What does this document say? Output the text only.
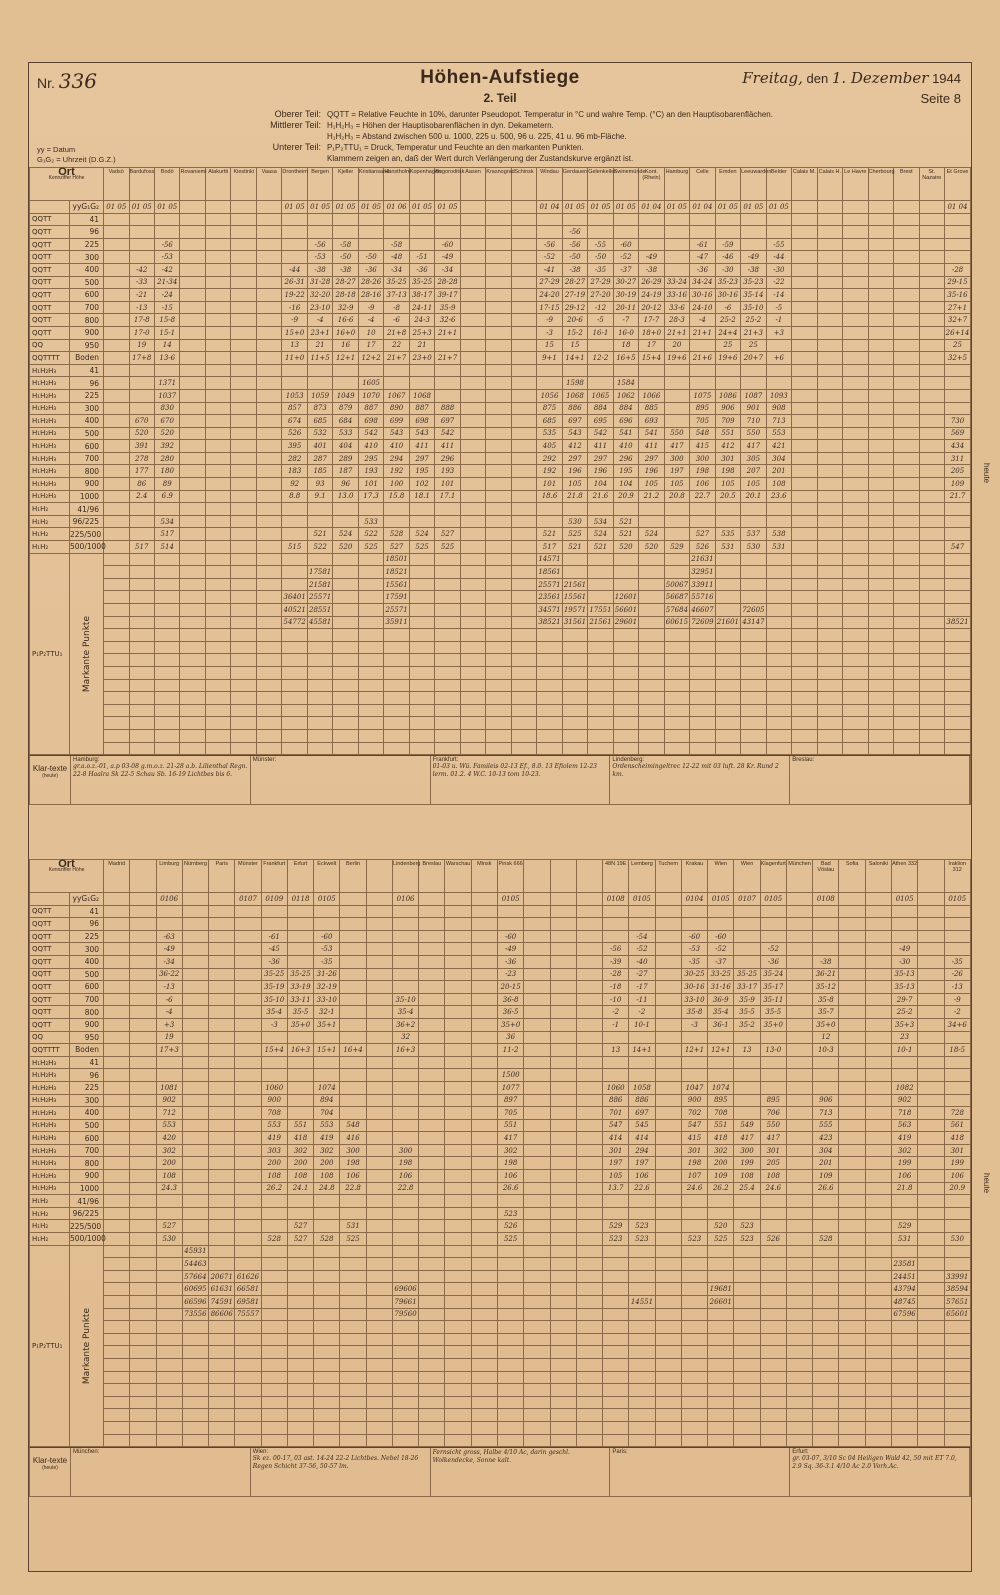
Nr. 336	Höhen-Aufstiege
2. Teil
Freitag, den 1. Dezember 1944
Seite 8
Oberer Teil: QQTT = Relative Feuchte in 10%, darunter Pseudopot. Temperatur in °C und wahre Temp. (°C) an den Hauptisobarenflächen.
Mittlerer Teil: H₁H₂H₃ = Höhen der Hauptisobarenflächen in dyn. Dekametern.
H₁H₂H₃ = Abstand zwischen 500 u. 1000, 225 u. 500, 96 u. 225, 41 u. 96 mb-Fläche.
Unterer Teil: P₁P₂TTU₁ = Druck, Temperatur und Feuchte an den markanten Punkten.
Klammern zeigen an, daß der Wert durch Verlängerung der Zustandskurve ergänzt ist.
yy = Datum
G₁G₂ = Uhrzeit (D.G.Z.)
Ort
Kennziffer Höhe		Vadsö	Bardufoss	Bodö	Rovaniemi	Alakurtti	Kiestinki	Vaasa	Drontheim	Bergen	Kjeller	Kristiansand	Hanstholm	Kopenhagen	Bogoroditsk	Aasen	Krasnograd	Schinsk	Windau	Gerdauen	Gelenkeller	Swinemünde	Kont. (Rhein)	Hamburg	Celle	Emden	Leeuwarden	Belder	Calais M.	Calais H.	Le Havre	Cherbourg	Brest	St. Nazaire	Et Grove
	yyG₁G₂	01 05	01 05	01 05					01 05	01 05	01 05	01 05	01 06	01 05	01 05				01 04	01 05	01 05	01 05	01 04	01 05	01 04	01 05	01 05	01 05							01 04
QQTT	41																																		
QQTT	96																			-56															
QQTT	225			-56						-56	-58		-58		-60				-56	-56	-55	-60			-61	-59		-55							
QQTT	300			-53						-53	-50	-50	-48	-51	-49				-52	-50	-50	-52	-49		-47	-46	-49	-44							
QQTT	400		-42	-42					-44	-38	-38	-36	-34	-36	-34				-41	-38	-35	-37	-38		-36	-30	-38	-30							-28
QQTT	500		-33	21-34					26-31	31-28	28-27	28-26	35-25	35-25	28-28				27-29	28-27	27-29	30-27	26-29	33-24	34-24	35-23	35-23	-22							29-15
QQTT	600		-21	-24					19-22	32-20	28-18	28-16	37-13	38-17	39-17				24-20	27-19	27-20	30-19	24-19	33-16	30-16	30-16	35-14	-14							35-16
QQTT	700		-13	-15					-16	23-10	32-9	-9	-8	24-11	35-9				17-15	29-12	-12	20-11	20-12	33-6	24-10	-6	35-10	-5							27+1
QQTT	800		17-8	15-8					-9	-4	16-6	-4	-6	24-3	32-6				-9	20-6	-5	-7	17-7	28-3	-4	25-2	25-2	-1							32+7
QQTT	900		17-0	15-1					15+0	23+1	16+0	10	21+8	25+3	21+1				-3	15-2	16-1	16-0	18+0	21+1	21+1	24+4	21+3	+3							26+14
QQ	950		19	14					13	21	16	17	22	21					15	15		18	17	20		25	25								25
QQTTTT	Boden		17+8	13-6					11+0	11+5	12+1	12+2	21+7	23+0	21+7				9+1	14+1	12-2	16+5	15+4	19+6	21+6	19+6	20+7	+6							32+5
H₁H₂H₃	41																																		
H₁H₂H₃	96			1371								1605								1598		1584													
H₁H₂H₃	225			1037					1053	1059	1049	1070	1067	1068					1056	1068	1065	1062	1066		1075	1086	1087	1093							
H₁H₂H₃	300			830					857	873	879	887	890	887	888				875	886	884	884	885		895	906	901	908							
H₁H₂H₃	400		670	670					674	685	684	698	699	698	697				685	697	695	696	693		705	709	710	713							730
H₁H₂H₃	500		520	520					526	532	533	542	543	543	542				535	543	542	541	541	550	548	551	550	553							569
H₁H₂H₃	600		391	392					395	401	404	410	410	411	411				405	412	411	410	411	417	415	412	417	421							434
H₁H₂H₃	700		278	280					282	287	289	295	294	297	296				292	297	297	296	297	300	300	301	305	304							311
H₁H₂H₃	800		177	180					183	185	187	193	192	195	193				192	196	196	195	196	197	198	198	207	201							205
H₁H₂H₃	900		86	89					92	93	96	101	100	102	101				101	105	104	104	105	105	106	105	105	108							109
H₁H₂H₃	1000		2.4	6.9					8.8	9.1	13.0	17.3	15.8	18.1	17.1				18.6	21.8	21.6	20.9	21.2	20.8	22.7	20.5	20.1	23.6							21.7
H₁H₂	41/96																																		
H₁H₂	96/225			534								533								530	534	521													
H₁H₂	225/500			517						521	524	522	528	524	527				521	525	524	521	524		527	535	537	538							
H₁H₂	500/1000		517	514					515	522	520	525	527	525	525				517	521	521	520	520	529	526	531	530	531							547
P₁P₂TTU₁	Markante Punkte												18501						14571						21631										
										17581			18521						18561						32951										
										21581			15561						25571	21561				50067	33911										
									36401	25571			17591						23561	15561		12601		56687	55716										
									40521	28551			25571						34571	19571	17551	56601		57684	46607		72605								
									54772	45581			35911						38521	31561	21561	29601		60615	72609	21601	43147								38521

Klar-texte
(heute)
Hamburg:
gr.a.o.z.-01, a.p 03-08 g.m.o.z. 21-28 a.b. Lilienthal Regn. 22-8 Haalra Sk 22-5 Schau Sb. 16-19 Lichtbes bis 6.
Münster:	Frankfurt:
01-03 u. Wü. Famileis 02-13 Ef., 8.0. 13 Efiolem 12-23 lerm. 01.2. 4 W.C. 10-13 tom 10-23.
Lindenberg:
Ordenscheimingeltrec 12-22 mit 03 luft. 28 Kr. Rund 2 km.
Breslau:
Ort
Kennziffer Höhe		Madrid		Limburg	Nürnberg	Paris	Münster	Frankfurt	Erfurt	Eckwelt	Berlin		Lindenberg	Breslau	Warschau	Minsk	Pinsk 666				48N 19E	Lemberg	Tuchern	Krakau	Wien	Wien	Klagenfurt	München	Bad Vöslau	Sofia	Saloniki	Athen 332		Iraklion 312
	yyG₁G₂			0106			0107	0109	0118	0105			0106				0105				0108	0105		0104	0105	0107	0105		0108			0105		0105
QQTT	41																																	
QQTT	96																																	
QQTT	225			-63				-61		-60							-60					-54		-60	-60									
QQTT	300			-49				-45		-53							-49				-56	-52		-53	-52		-52					-49		
QQTT	400			-34				-36		-35							-36				-39	-40		-35	-37		-36		-38			-30		-35
QQTT	500			36-22				35-25	35-25	31-26							-23				-28	-27		30-25	33-25	35-25	35-24		36-21			35-13		-26
QQTT	600			-13				35-19	33-19	32-19							20-15				-18	-17		30-16	31-16	33-17	35-17		35-12			35-13		-13
QQTT	700			-6				35-10	33-11	33-10			35-10				36-8				-10	-11		33-10	36-9	35-9	35-11		35-8			29-7		-9
QQTT	800			-4				35-4	35-5	32-1			35-4				36-5				-2	-2		35-8	35-4	35-5	35-5		35-7			25-2		-2
QQTT	900			+3				-3	35+0	35+1			36+2				35+0				-1	10-1		-3	36-1	35-2	35+0		35+0			35+3		34+6
QQ	950			19									32				36												12			23		
QQTTTT	Boden			17+3				15+4	16+3	15+1	16+4		16+3				11-2				13	14+1		12+1	12+1	13	13-0		10-3			10-1		18-5
H₁H₂H₃	41																																	
H₁H₂H₃	96																1500																	
H₁H₂H₃	225			1081				1060		1074							1077				1060	1058		1047	1074							1082		
H₁H₂H₃	300			902				900		894							897				886	886		900	895		895		906			902		
H₁H₂H₃	400			712				708		704							705				701	697		702	708		706		713			718		728
H₁H₂H₃	500			553				553	551	553	548						551				547	545		547	551	549	550		555			563		561
H₁H₂H₃	600			420				419	418	419	416						417				414	414		415	418	417	417		423			419		418
H₁H₂H₃	700			302				303	302	302	300		300				302				301	294		301	302	300	301		304			302		301
H₁H₂H₃	800			200				200	200	200	198		198				198				197	197		198	200	199	205		201			199		199
H₁H₂H₃	900			108				108	108	108	106		106				106				105	106		107	109	108	108		109			106		106
H₁H₂H₃	1000			24.3				26.2	24.1	24.8	22.8		22.8				26.6				13.7	22.6		24.6	26.2	25.4	24.6		26.6			21.8		20.9
H₁H₂	41/96																																	
H₁H₂	96/225																523																	
H₁H₂	225/500			527					527		531						526				529	523			520	523						529		
H₁H₂	500/1000			530				528	527	528	525						525				523	523		523	525	523	526		528			531		530
P₁P₂TTU₁	Markante Punkte				45931																													
					54463																											23581		
					57664	20671	61626																									24451		33991
					60695	61631	66581						69606												19681							43794		38594
					66596	74591	69581						79661									14551			26601							48745		57651
					73556	86606	75557						79560																			67596		65601

Klar-texte
(heute)
München:	Wien:
Sk ez. 00-17, 03 ast. 14-24 22-2 Lichtbes. Nebel 18-26 Regen Schicht 37-56, 50-57 lm.
Fernsicht gross, Halbe 4/10 Ac, darin geschl. Wolkendecke, Sonne kalt.
Paris:	Erfurt:
gr. 03-07, 3/10 Sc 04 Heiligen Wald 42, 50 mit ET 7.0, 2.9 Sq. 36-3.1 4/10 Ac 2.0 Vorh.Ac.
heute
heute
